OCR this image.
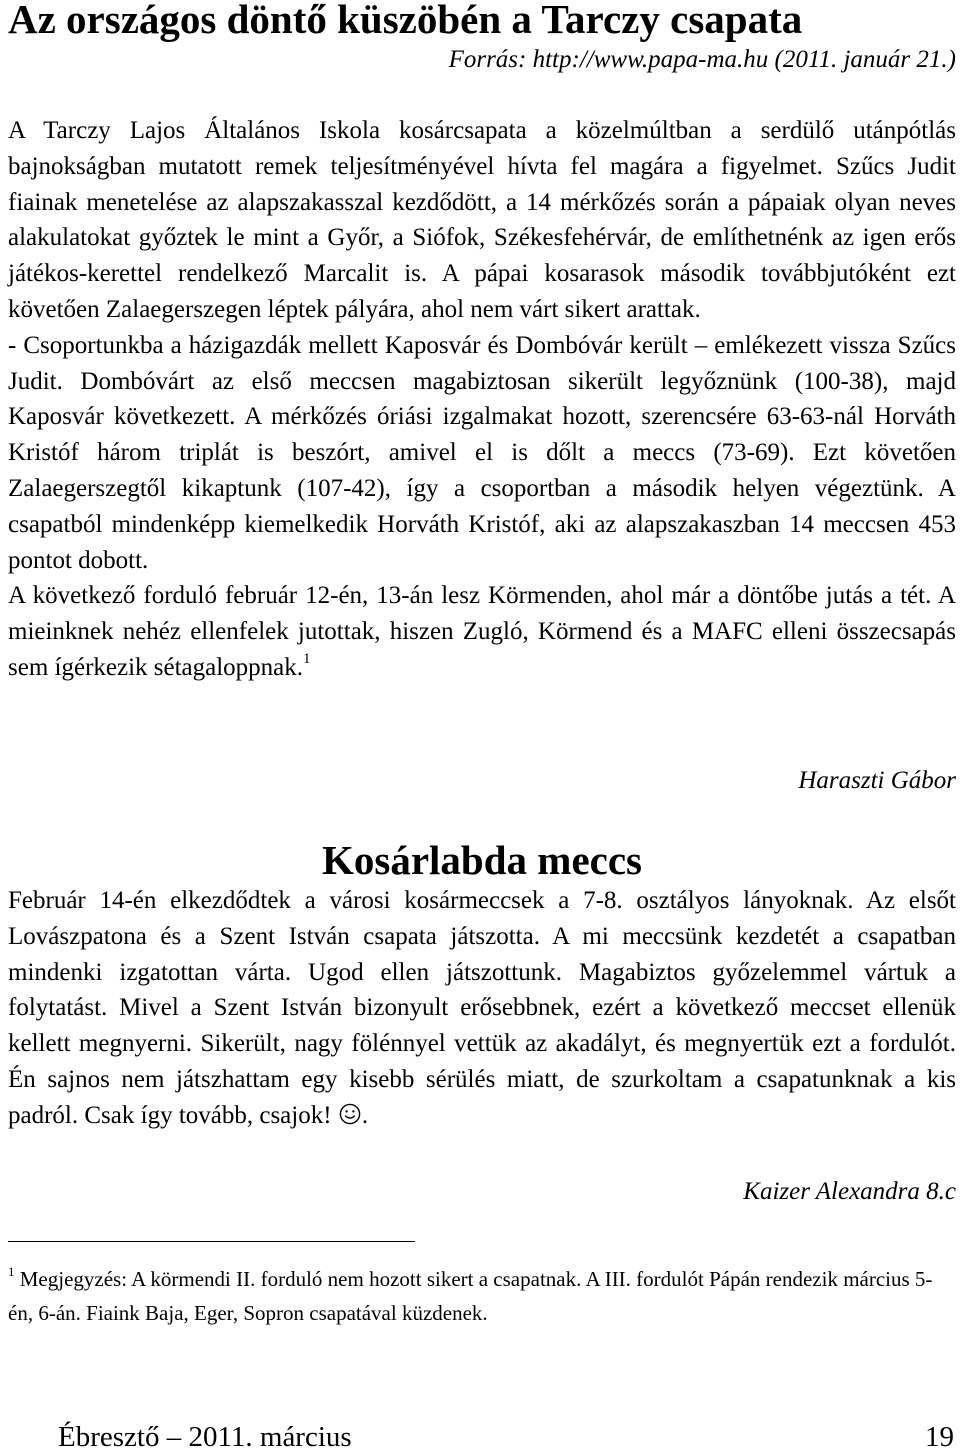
Az országos döntő küszöbén a Tarczy csapata
Forrás: http://www.papa-ma.hu (2011. január 21.)

A Tarczy Lajos Általános Iskola kosárcsapata a közelmúltban a serdülő utánpótlás bajnokságban mutatott remek teljesítményével hívta fel magára a figyelmet. Szűcs Judit fiainak menetelése az alapszakasszal kezdődött, a 14 mérkőzés során a pápaiak olyan neves alakulatokat győztek le mint a Győr, a Siófok, Székesfehérvár, de említhetnénk az igen erős játékos-kerettel rendelkező Marcalit is. A pápai kosarasok második továbbjutóként ezt követően Zalaegerszegen léptek pályára, ahol nem várt sikert arattak.

- Csoportunkba a házigazdák mellett Kaposvár és Dombóvár került – emlékezett vissza Szűcs Judit. Dombóvárt az első meccsen magabiztosan sikerült legyőznünk (100-38), majd Kaposvár következett. A mérkőzés óriási izgalmakat hozott, szerencsére 63-63-nál Horváth Kristóf három triplát is beszórt, amivel el is dőlt a meccs (73-69). Ezt követően Zalaegerszegtől kikaptunk (107-42), így a csoportban a második helyen végeztünk. A csapatból mindenképp kiemelkedik Horváth Kristóf, aki az alapszakaszban 14 meccsen 453 pontot dobott.

A következő forduló február 12-én, 13-án lesz Körmenden, ahol már a döntőbe jutás a tét. A mieinknek nehéz ellenfelek jutottak, hiszen Zugló, Körmend és a MAFC elleni összecsapás sem ígérkezik sétagaloppnak.$^1$

Haraszti Gábor
Kosárlabda meccs

Február 14-én elkezdődtek a városi kosármeccsek a 7-8. osztályos lányoknak. Az elsőt Lovászpatona és a Szent István csapata játszotta. A mi meccsünk kezdetét a csapatban mindenki izgatottan várta. Ugod ellen játszottunk. Magabiztos győzelemmel vártuk a folytatást. Mivel a Szent István bizonyult erősebbnek, ezért a következő meccset ellenük kellett megnyerni. Sikerült, nagy fölénnyel vettük az akadályt, és megnyertük ezt a fordulót. Én sajnos nem játszhattam egy kisebb sérülés miatt, de szurkoltam a csapatunknak a kis padról. Csak így tovább, csajok! .

Kaizer Alexandra 8.c

$^1$ Megjegyzés: A körmendi II. forduló nem hozott sikert a csapatnak. A III. fordulót Pápán rendezik március 5-én, 6-án. Fiaink Baja, Eger, Sopron csapatával küzdenek.

Ébresztő – 2011. március	19
